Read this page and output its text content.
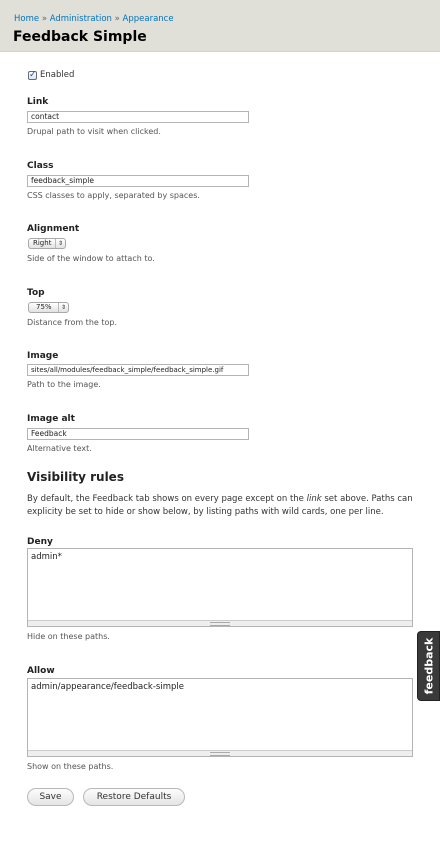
Home » Administration » Appearance
Feedback Simple
✓ Enabled
Link
contact
Drupal path to visit when clicked.
Class
feedback_simple
CSS classes to apply, separated by spaces.
Alignment
Right	⇕
Side of the window to attach to.
Top
75%	⇕
Distance from the top.
Image
sites/all/modules/feedback_simple/feedback_simple.gif
Path to the image.
Image alt
Feedback
Alternative text.
Visibility rules
By default, the Feedback tab shows on every page except on the link set above. Paths can explicity be set to hide or show below, by listing paths with wild cards, one per line.
Deny
admin*
Hide on these paths.
Allow
admin/appearance/feedback-simple
Show on these paths.
Save	Restore Defaults
feedback
